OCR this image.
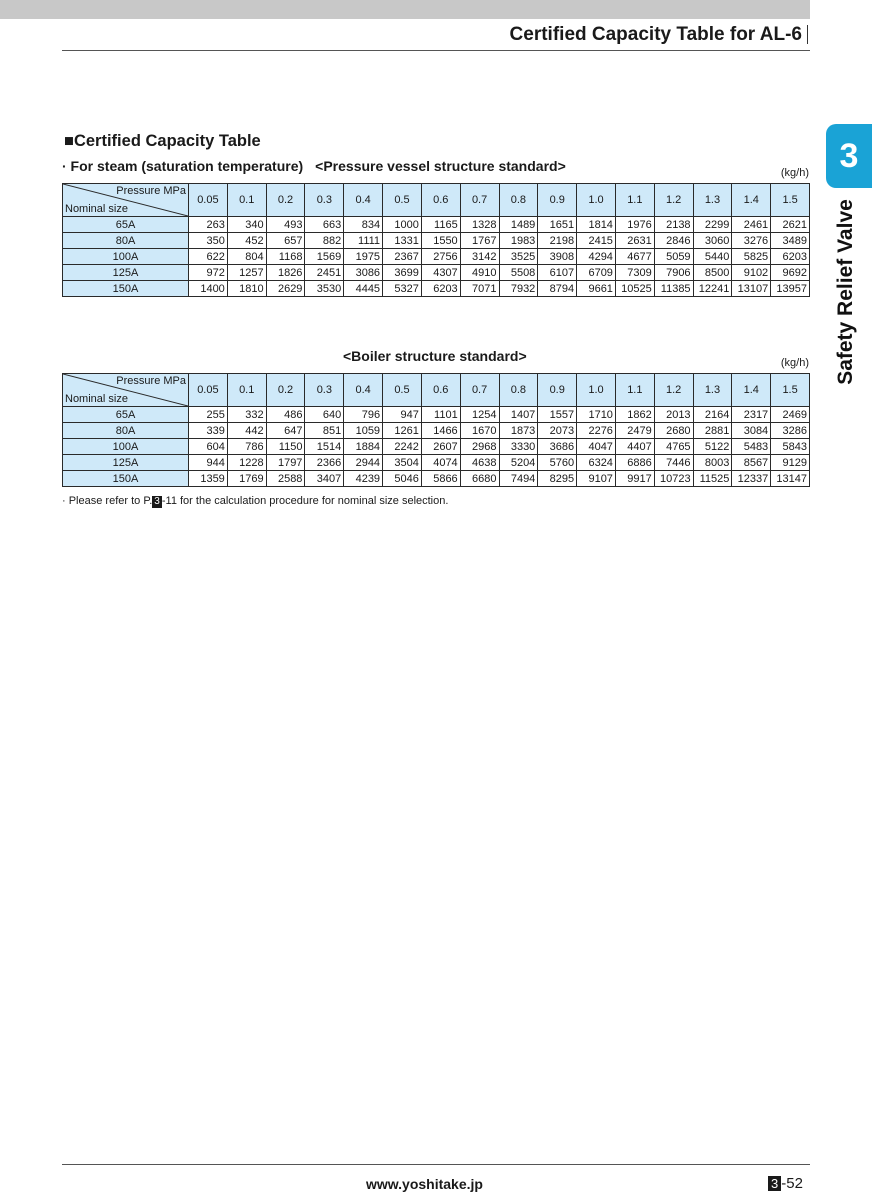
Certified Capacity Table for AL-6
3
Safety Relief Valve
■Certified Capacity Table
· For steam (saturation temperature) <Pressure vessel structure standard>	(kg/h)
Pressure MPa
Nominal size	0.05	0.1	0.2	0.3	0.4	0.5	0.6	0.7	0.8	0.9	1.0	1.1	1.2	1.3	1.4	1.5
65A	263	340	493	663	834	1000	1165	1328	1489	1651	1814	1976	2138	2299	2461	2621
80A	350	452	657	882	1111	1331	1550	1767	1983	2198	2415	2631	2846	3060	3276	3489
100A	622	804	1168	1569	1975	2367	2756	3142	3525	3908	4294	4677	5059	5440	5825	6203
125A	972	1257	1826	2451	3086	3699	4307	4910	5508	6107	6709	7309	7906	8500	9102	9692
150A	1400	1810	2629	3530	4445	5327	6203	7071	7932	8794	9661	10525	11385	12241	13107	13957
<Boiler structure standard>	(kg/h)
Pressure MPa
Nominal size	0.05	0.1	0.2	0.3	0.4	0.5	0.6	0.7	0.8	0.9	1.0	1.1	1.2	1.3	1.4	1.5
65A	255	332	486	640	796	947	1101	1254	1407	1557	1710	1862	2013	2164	2317	2469
80A	339	442	647	851	1059	1261	1466	1670	1873	2073	2276	2479	2680	2881	3084	3286
100A	604	786	1150	1514	1884	2242	2607	2968	3330	3686	4047	4407	4765	5122	5483	5843
125A	944	1228	1797	2366	2944	3504	4074	4638	5204	5760	6324	6886	7446	8003	8567	9129
150A	1359	1769	2588	3407	4239	5046	5866	6680	7494	8295	9107	9917	10723	11525	12337	13147
· Please refer to P. 3 -11 for the calculation procedure for nominal size selection.
www.yoshitake.jp	3 -52
